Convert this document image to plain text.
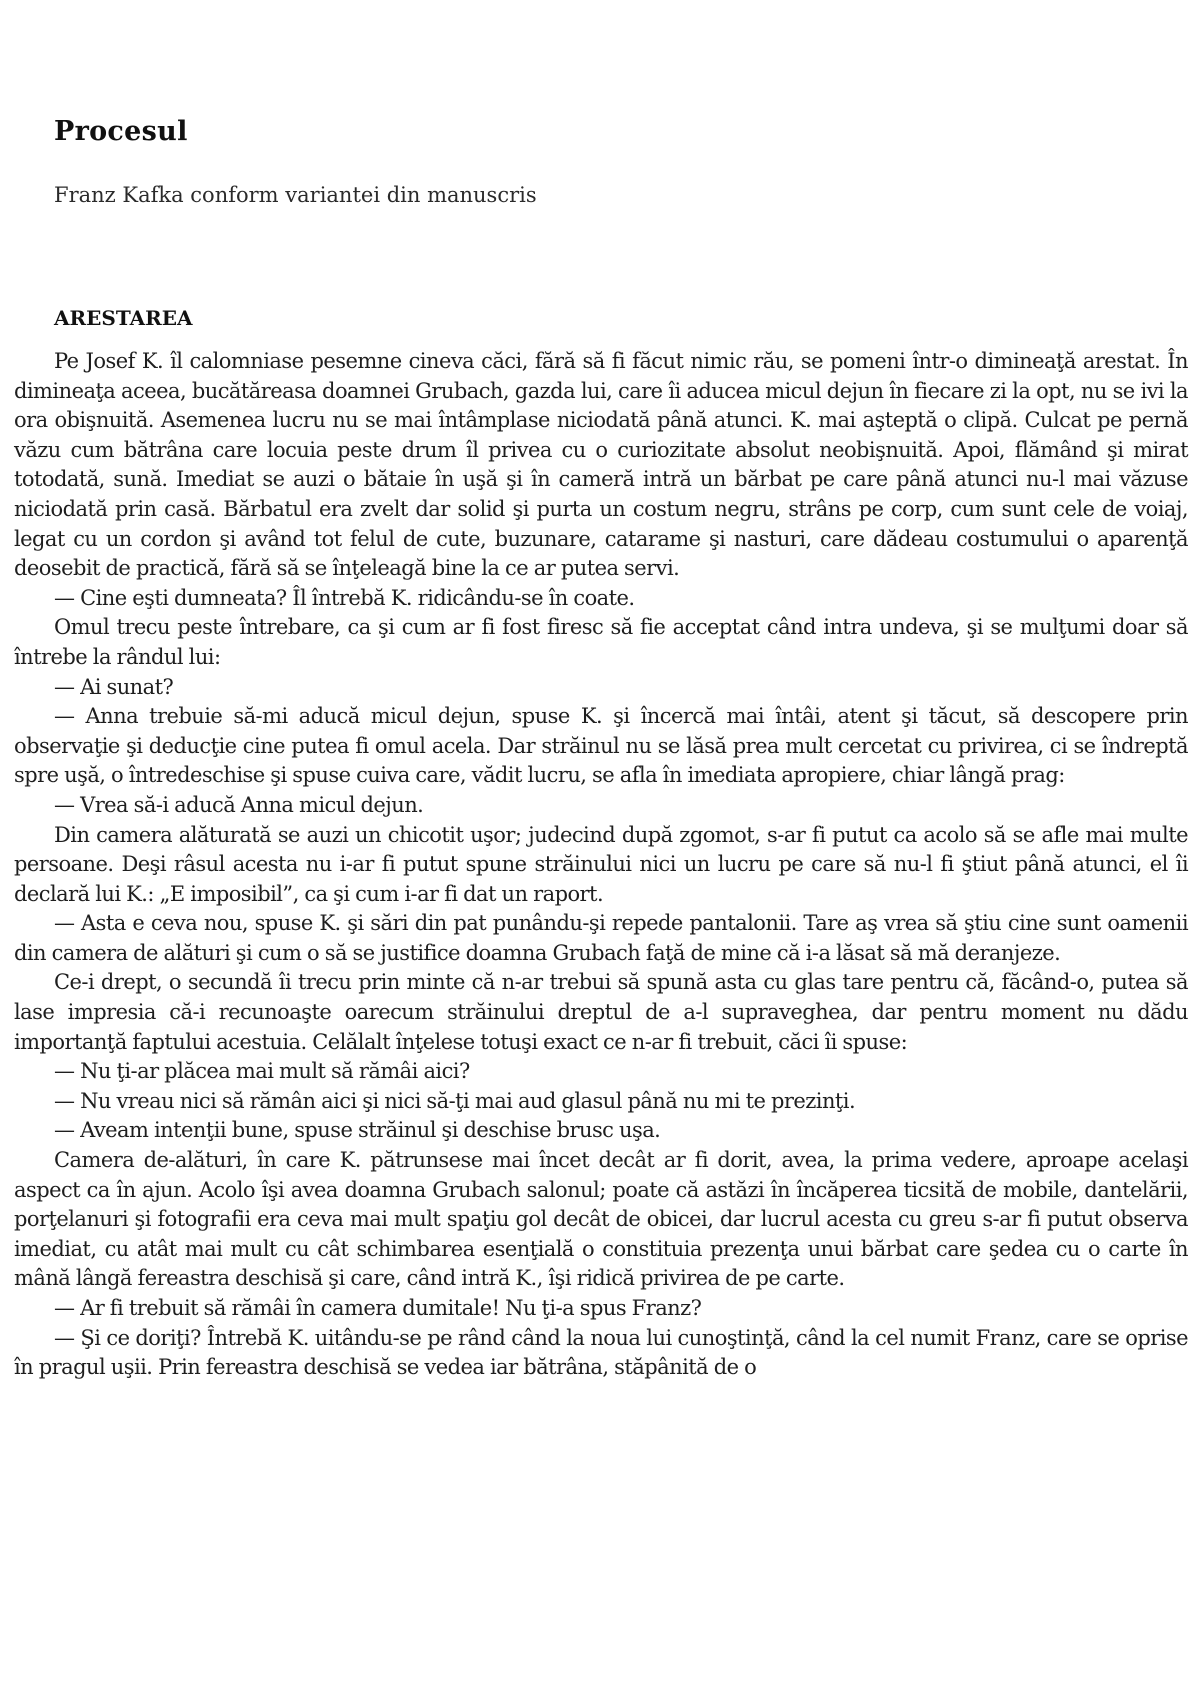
Procesul

Franz Kafka conform variantei din manuscris

ARESTAREA

Pe Josef K. îl calomniase pesemne cineva căci, fără să fi făcut nimic rău, se pomeni într-o dimineaţă arestat. În dimineaţa aceea, bucătăreasa doamnei Grubach, gazda lui, care îi aducea micul dejun în fiecare zi la opt, nu se ivi la ora obişnuită. Asemenea lucru nu se mai întâmplase niciodată până atunci. K. mai aşteptă o clipă. Culcat pe pernă văzu cum bătrâna care locuia peste drum îl privea cu o curiozitate absolut neobişnuită. Apoi, flămând şi mirat totodată, sună. Imediat se auzi o bătaie în uşă şi în cameră intră un bărbat pe care până atunci nu-l mai văzuse niciodată prin casă. Bărbatul era zvelt dar solid şi purta un costum negru, strâns pe corp, cum sunt cele de voiaj, legat cu un cordon şi având tot felul de cute, buzunare, catarame şi nasturi, care dădeau costumului o aparenţă deosebit de practică, fără să se înţeleagă bine la ce ar putea servi.

— Cine eşti dumneata? Îl întrebă K. ridicându-se în coate.

Omul trecu peste întrebare, ca şi cum ar fi fost firesc să fie acceptat când intra undeva, şi se mulţumi doar să întrebe la rândul lui:

— Ai sunat?

— Anna trebuie să-mi aducă micul dejun, spuse K. şi încercă mai întâi, atent şi tăcut, să descopere prin observaţie şi deducţie cine putea fi omul acela. Dar străinul nu se lăsă prea mult cercetat cu privirea, ci se îndreptă spre uşă, o întredeschise şi spuse cuiva care, vădit lucru, se afla în imediata apropiere, chiar lângă prag:

— Vrea să-i aducă Anna micul dejun.

Din camera alăturată se auzi un chicotit uşor; judecind după zgomot, s-ar fi putut ca acolo să se afle mai multe persoane. Deşi râsul acesta nu i-ar fi putut spune străinului nici un lucru pe care să nu-l fi ştiut până atunci, el îi declară lui K.: „E imposibil”, ca şi cum i-ar fi dat un raport.

— Asta e ceva nou, spuse K. şi sări din pat punându-şi repede pantalonii. Tare aş vrea să ştiu cine sunt oamenii din camera de alături şi cum o să se justifice doamna Grubach faţă de mine că i-a lăsat să mă deranjeze.

Ce-i drept, o secundă îi trecu prin minte că n-ar trebui să spună asta cu glas tare pentru că, făcând-o, putea să lase impresia că-i recunoaşte oarecum străinului dreptul de a-l supraveghea, dar pentru moment nu dădu importanţă faptului acestuia. Celălalt înţelese totuşi exact ce n-ar fi trebuit, căci îi spuse:

— Nu ţi-ar plăcea mai mult să rămâi aici?

— Nu vreau nici să rămân aici şi nici să-ţi mai aud glasul până nu mi te prezinţi.

— Aveam intenţii bune, spuse străinul şi deschise brusc uşa.

Camera de-alături, în care K. pătrunsese mai încet decât ar fi dorit, avea, la prima vedere, aproape acelaşi aspect ca în ajun. Acolo îşi avea doamna Grubach salonul; poate că astăzi în încăperea ticsită de mobile, dantelării, porţelanuri şi fotografii era ceva mai mult spaţiu gol decât de obicei, dar lucrul acesta cu greu s-ar fi putut observa imediat, cu atât mai mult cu cât schimbarea esenţială o constituia prezenţa unui bărbat care şedea cu o carte în mână lângă fereastra deschisă şi care, când intră K., îşi ridică privirea de pe carte.

— Ar fi trebuit să rămâi în camera dumitale! Nu ţi-a spus Franz?

— Şi ce doriţi? Întrebă K. uitându-se pe rând când la noua lui cunoştinţă, când la cel numit Franz, care se oprise în pragul uşii. Prin fereastra deschisă se vedea iar bătrâna, stăpânită de o
